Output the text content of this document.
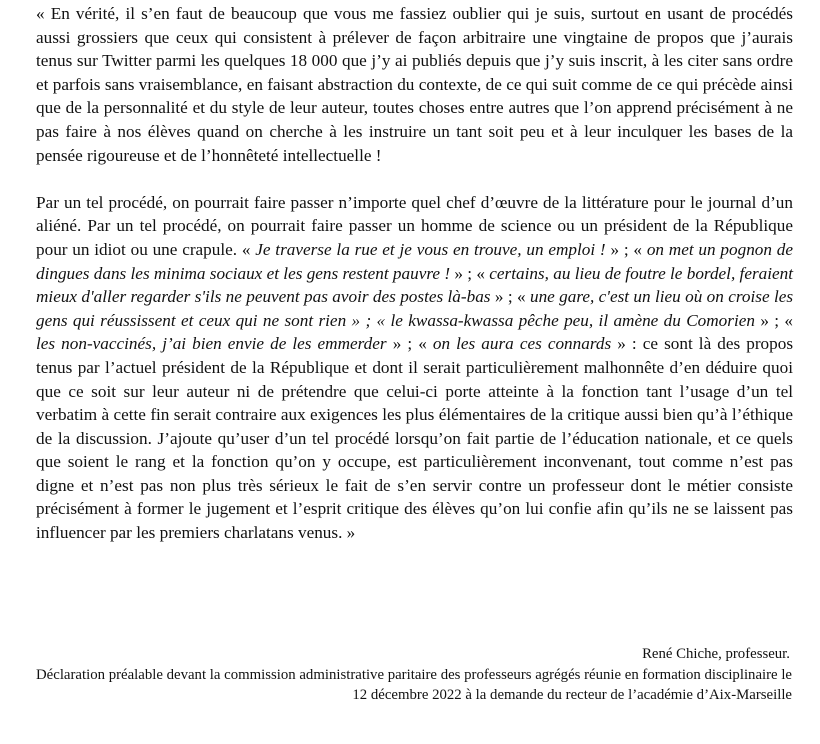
« En vérité, il s’en faut de beaucoup que vous me fassiez oublier qui je suis, surtout en usant de procédés aussi grossiers que ceux qui consistent à prélever de façon arbitraire une vingtaine de propos que j’aurais tenus sur Twitter parmi les quelques 18 000 que j’y ai publiés depuis que j’y suis inscrit, à les citer sans ordre et parfois sans vraisemblance, en faisant abstraction du contexte, de ce qui suit comme de ce qui précède ainsi que de la personnalité et du style de leur auteur, toutes choses entre autres que l’on apprend précisément à ne pas faire à nos élèves quand on cherche à les instruire un tant soit peu et à leur inculquer les bases de la pensée rigoureuse et de l’honnêteté intellectuelle !

Par un tel procédé, on pourrait faire passer n’importe quel chef d’œuvre de la littérature pour le journal d’un aliéné. Par un tel procédé, on pourrait faire passer un homme de science ou un président de la République pour un idiot ou une crapule. « Je traverse la rue et je vous en trouve, un emploi ! » ; « on met un pognon de dingues dans les minima sociaux et les gens restent pauvre ! » ; « certains, au lieu de foutre le bordel, feraient mieux d'aller regarder s'ils ne peuvent pas avoir des postes là-bas » ; « une gare, c'est un lieu où on croise les gens qui réussissent et ceux qui ne sont rien » ; « le kwassa-kwassa pêche peu, il amène du Comorien » ; « les non-vaccinés, j’ai bien envie de les emmerder » ; « on les aura ces connards » : ce sont là des propos tenus par l’actuel président de la République et dont il serait particulièrement malhonnête d’en déduire quoi que ce soit sur leur auteur ni de prétendre que celui-ci porte atteinte à la fonction tant l’usage d’un tel verbatim à cette fin serait contraire aux exigences les plus élémentaires de la critique aussi bien qu’à l’éthique de la discussion. J’ajoute qu’user d’un tel procédé lorsqu’on fait partie de l’éducation nationale, et ce quels que soient le rang et la fonction qu’on y occupe, est particulièrement inconvenant, tout comme n’est pas digne et n’est pas non plus très sérieux le fait de s’en servir contre un professeur dont le métier consiste précisément à former le jugement et l’esprit critique des élèves qu’on lui confie afin qu’ils ne se laissent pas influencer par les premiers charlatans venus. »

René Chiche, professeur.

Déclaration préalable devant la commission administrative paritaire des professeurs agrégés réunie en formation disciplinaire le 12 décembre 2022 à la demande du recteur de l’académie d’Aix-Marseille
